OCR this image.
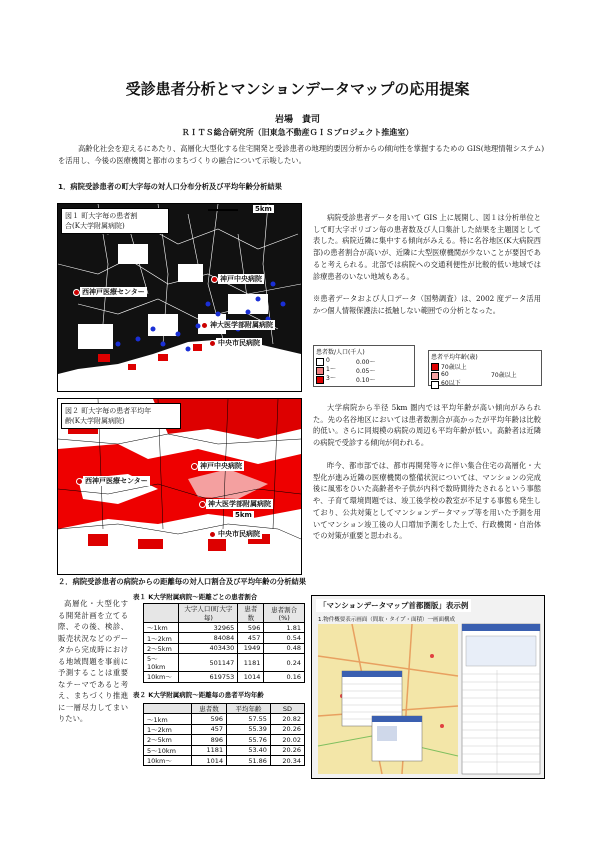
受診患者分析とマンションデータマップの応用提案
岩場　貴司
ＲＩＴＳ総合研究所（旧東急不動産ＧＩＳプロジェクト推進室）
高齢化社会を迎えるにあたり、高層化大型化する住宅開発と受診患者の地理的要因分析からの傾向性を掌握するための GIS(地理情報システム)を活用し、今後の医療機関と都市のまちづくりの融合について示唆したい。
1．病院受診患者の町大字毎の対人口分布分析及び平均年齢分析結果
図１ 町大字毎の患者割
合(K大学附属病院)
5km
神戸中央病院
西神戸医療センター
神大医学部附属病院
中央市民病院
病院受診患者データを用いて GIS 上に展開し、図１は分析単位として町大字ポリゴン毎の患者数及び人口集計した結果を主題図として表した。病院近隣に集中する傾向がみえる。特に名谷地区(K大病院西部)の患者割合が高いが、近隣に大型医療機関が少ないことが要因であると考えられる。北部では病院への交通利便性が比較的低い地域では診療患者のいない地域もある。
※患者データおよび人口データ（国勢調査）は、2002 度データ活用かつ個人情報保護法に抵触しない範囲での分析となった。
患者数/人口(千人)
0
1〜
3〜
0.00〜
0.05〜
0.10〜
患者平均年齢(歳)
70歳以上
60
60以下
70歳以上
図２ 町大字毎の患者平均年
齢(K大学附属病院)
5km
神戸中央病院
西神戸医療センター
神大医学部附属病院
中央市民病院
大学病院から半径 5km 圏内では平均年齢が高い傾向がみられた。先の名谷地区においては患者数割合が高かったが平均年齢は比較的低い。さらに同規模の病院の周辺も平均年齢が低い。高齢者は近隣の病院で受診する傾向が伺われる。
昨今、都市部では、都市再開発等々に伴い集合住宅の高層化・大型化が進み近隣の医療機関の整備状況については、マンションの完成後に風邪をひいた高齢者や子供が内科で数時間待たされるという事態や、子育て環境問題では、竣工後学校の教室が不足する事態も発生しており、公共対策としてマンションデータマップ等を用いた予測を用いてマンション竣工後の人口増加予測をした上で、行政機関・自治体での対策が重要と思われる。
２．病院受診患者の病院からの距離毎の対人口割合及び平均年齢の分析結果
高層化・大型化する開発計画を立てる際、その後、検診、販売状況などのデータから完成時における地域問題を事前に予測することは重要なテーマであると考え、まちづくり推進に一層尽力してまいりたい。
表１ K大学附属病院～距離ごとの患者割合
	大字人口(町大字毎)	患者数	患者割合(%)
〜1km	32965	596	1.81
1〜2km	84084	457	0.54
2〜5km	403430	1949	0.48
5〜10km	501147	1181	0.24
10km〜	619753	1014	0.16
表２ K大学附属病院～距離毎の患者平均年齢
	患者数	平均年齢	SD
〜1km	596	57.55	20.82
1〜2km	457	55.39	20.26
2〜5km	896	55.76	20.02
5〜10km	1181	53.40	20.26
10km〜	1014	51.86	20.34
「マンションデータマップ首都圏版」表示例
1.物件概要表示画面（間取・タイプ・面積）一画面構成
